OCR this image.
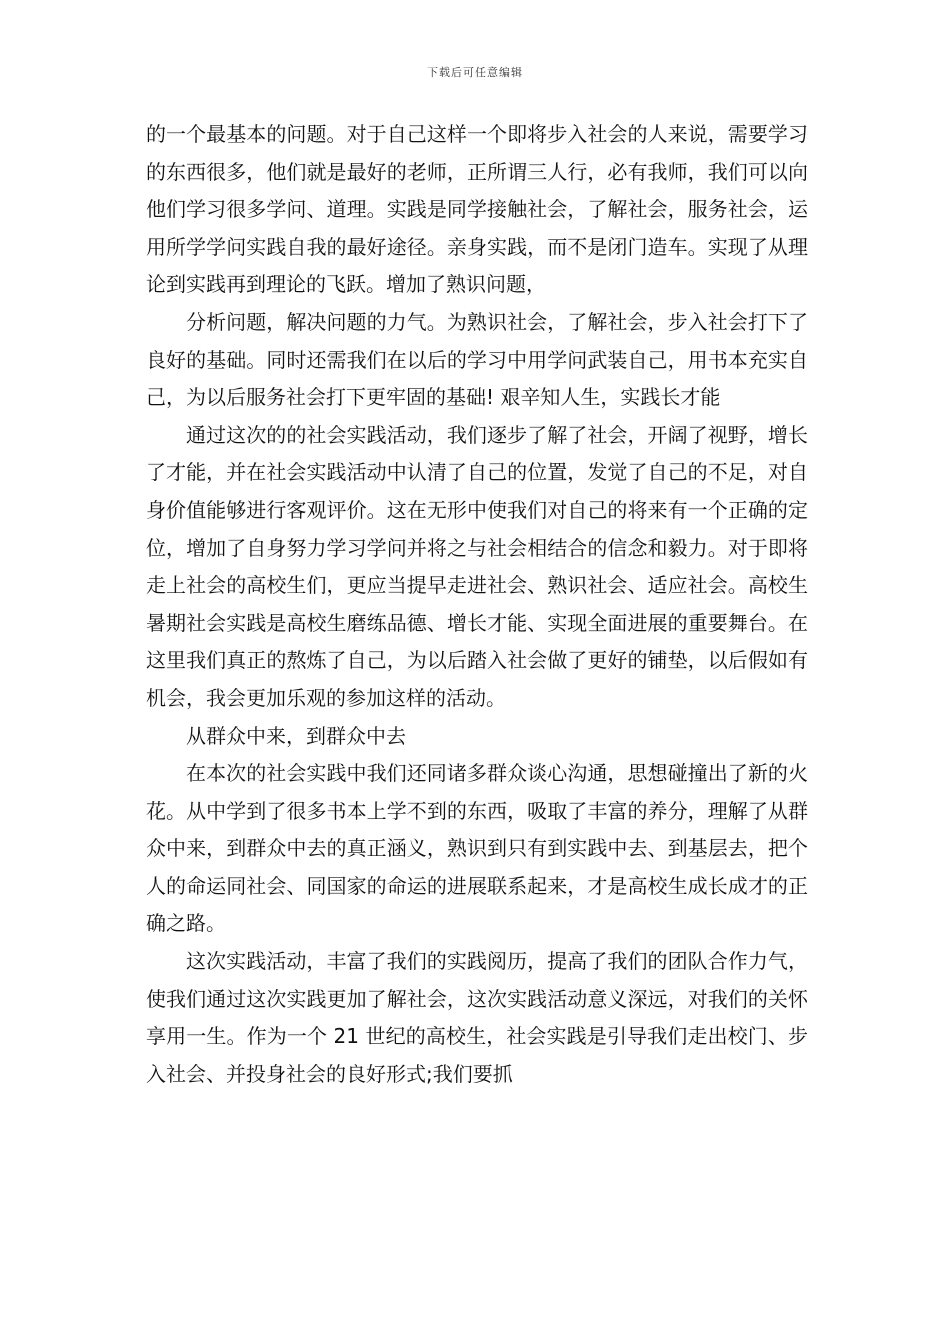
下载后可任意编辑

的一个最基本的问题。对于自己这样一个即将步入社会的人来说，需要学习的东西很多，他们就是最好的老师，正所谓三人行，必有我师，我们可以向他们学习很多学问、道理。实践是同学接触社会，了解社会，服务社会，运用所学学问实践自我的最好途径。亲身实践，而不是闭门造车。实现了从理论到实践再到理论的飞跃。增加了熟识问题，

分析问题，解决问题的力气。为熟识社会，了解社会，步入社会打下了良好的基础。同时还需我们在以后的学习中用学问武装自己，用书本充实自己，为以后服务社会打下更牢固的基础! 艰辛知人生，实践长才能

通过这次的的社会实践活动，我们逐步了解了社会，开阔了视野，增长了才能，并在社会实践活动中认清了自己的位置，发觉了自己的不足，对自身价值能够进行客观评价。这在无形中使我们对自己的将来有一个正确的定位，增加了自身努力学习学问并将之与社会相结合的信念和毅力。对于即将走上社会的高校生们，更应当提早走进社会、熟识社会、适应社会。高校生暑期社会实践是高校生磨练品德、增长才能、实现全面进展的重要舞台。在这里我们真正的熬炼了自己，为以后踏入社会做了更好的铺垫，以后假如有机会，我会更加乐观的参加这样的活动。

从群众中来，到群众中去

在本次的社会实践中我们还同诸多群众谈心沟通，思想碰撞出了新的火花。从中学到了很多书本上学不到的东西，吸取了丰富的养分，理解了从群众中来，到群众中去的真正涵义，熟识到只有到实践中去、到基层去，把个人的命运同社会、同国家的命运的进展联系起来，才是高校生成长成才的正确之路。

这次实践活动，丰富了我们的实践阅历，提高了我们的团队合作力气，使我们通过这次实践更加了解社会，这次实践活动意义深远，对我们的关怀享用一生。作为一个 21 世纪的高校生，社会实践是引导我们走出校门、步入社会、并投身社会的良好形式;我们要抓
